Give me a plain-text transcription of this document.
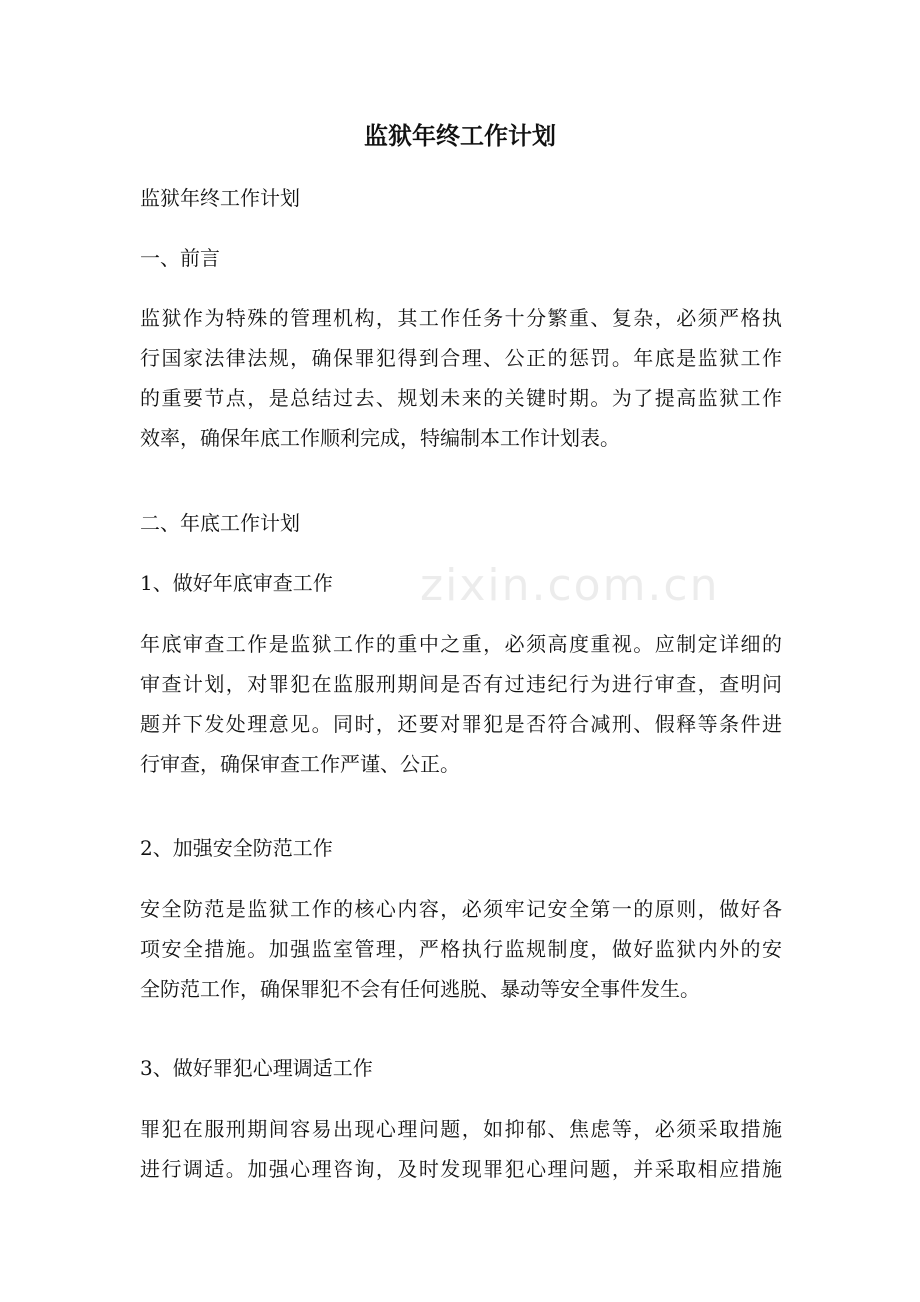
监狱年终工作计划
监狱年终工作计划
一、前言
监狱作为特殊的管理机构，其工作任务十分繁重、复杂，必须严格执
行国家法律法规，确保罪犯得到合理、公正的惩罚。年底是监狱工作
的重要节点，是总结过去、规划未来的关键时期。为了提高监狱工作
效率，确保年底工作顺利完成，特编制本工作计划表。
二、年底工作计划
1、做好年底审查工作
年底审查工作是监狱工作的重中之重，必须高度重视。应制定详细的
审查计划，对罪犯在监服刑期间是否有过违纪行为进行审查，查明问
题并下发处理意见。同时，还要对罪犯是否符合减刑、假释等条件进
行审查，确保审查工作严谨、公正。
2、加强安全防范工作
安全防范是监狱工作的核心内容，必须牢记安全第一的原则，做好各
项安全措施。加强监室管理，严格执行监规制度，做好监狱内外的安
全防范工作，确保罪犯不会有任何逃脱、暴动等安全事件发生。
3、做好罪犯心理调适工作
罪犯在服刑期间容易出现心理问题，如抑郁、焦虑等，必须采取措施
进行调适。加强心理咨询，及时发现罪犯心理问题，并采取相应措施
zixin.com.cn
